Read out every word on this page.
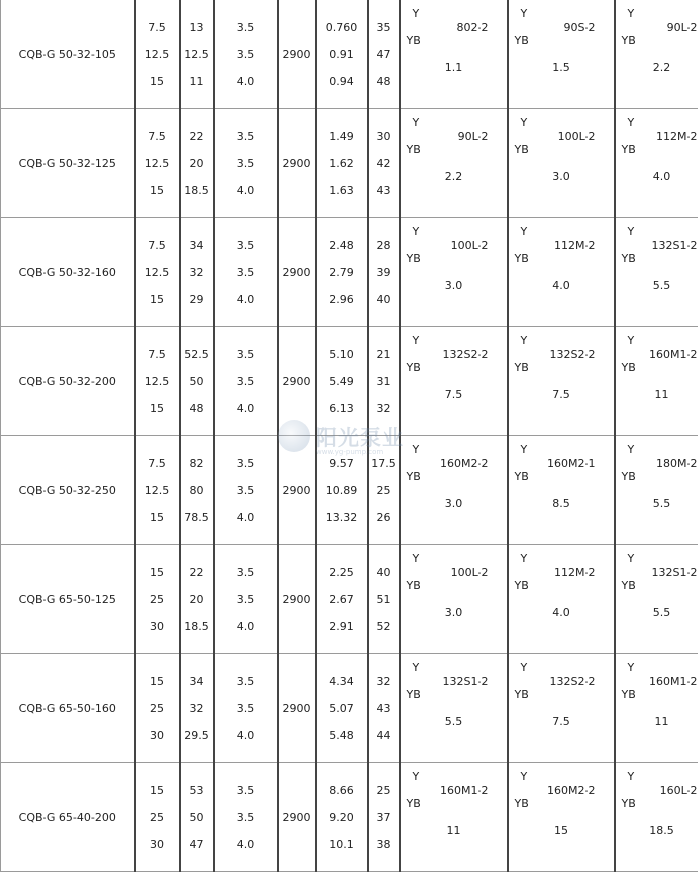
CQB-G 50-32-105	7.5
12.5
15	13
12.5
11	3.5
3.5
4.0	2900	0.760
0.91
0.94	35
47
48	Y
YB
802-2
1.1	Y
YB
90S-2
1.5	Y
YB
90L-2
2.2

CQB-G 50-32-125	7.5
12.5
15	22
20
18.5	3.5
3.5
4.0	2900	1.49
1.62
1.63	30
42
43	Y
YB
90L-2
2.2	Y
YB
100L-2
3.0	Y
YB
112M-2
4.0

CQB-G 50-32-160	7.5
12.5
15	34
32
29	3.5
3.5
4.0	2900	2.48
2.79
2.96	28
39
40	Y
YB
100L-2
3.0	Y
YB
112M-2
4.0	Y
YB
132S1-2
5.5

CQB-G 50-32-200	7.5
12.5
15	52.5
50
48	3.5
3.5
4.0	2900	5.10
5.49
6.13	21
31
32	Y
YB
132S2-2
7.5	Y
YB
132S2-2
7.5	Y
YB
160M1-2
11

CQB-G 50-32-250	7.5
12.5
15	82
80
78.5	3.5
3.5
4.0	2900	9.57
10.89
13.32	17.5
25
26	Y
YB
160M2-2
3.0	Y
YB
160M2-1
8.5	Y
YB
180M-2
5.5

CQB-G 65-50-125	15
25
30	22
20
18.5	3.5
3.5
4.0	2900	2.25
2.67
2.91	40
51
52	Y
YB
100L-2
3.0	Y
YB
112M-2
4.0	Y
YB
132S1-2
5.5

CQB-G 65-50-160	15
25
30	34
32
29.5	3.5
3.5
4.0	2900	4.34
5.07
5.48	32
43
44	Y
YB
132S1-2
5.5	Y
YB
132S2-2
7.5	Y
YB
160M1-2
11

CQB-G 65-40-200	15
25
30	53
50
47	3.5
3.5
4.0	2900	8.66
9.20
10.1	25
37
38	Y
YB
160M1-2
11	Y
YB
160M2-2
15	Y
YB
160L-2
18.5
阳光泵业
www.yg-pump.com
